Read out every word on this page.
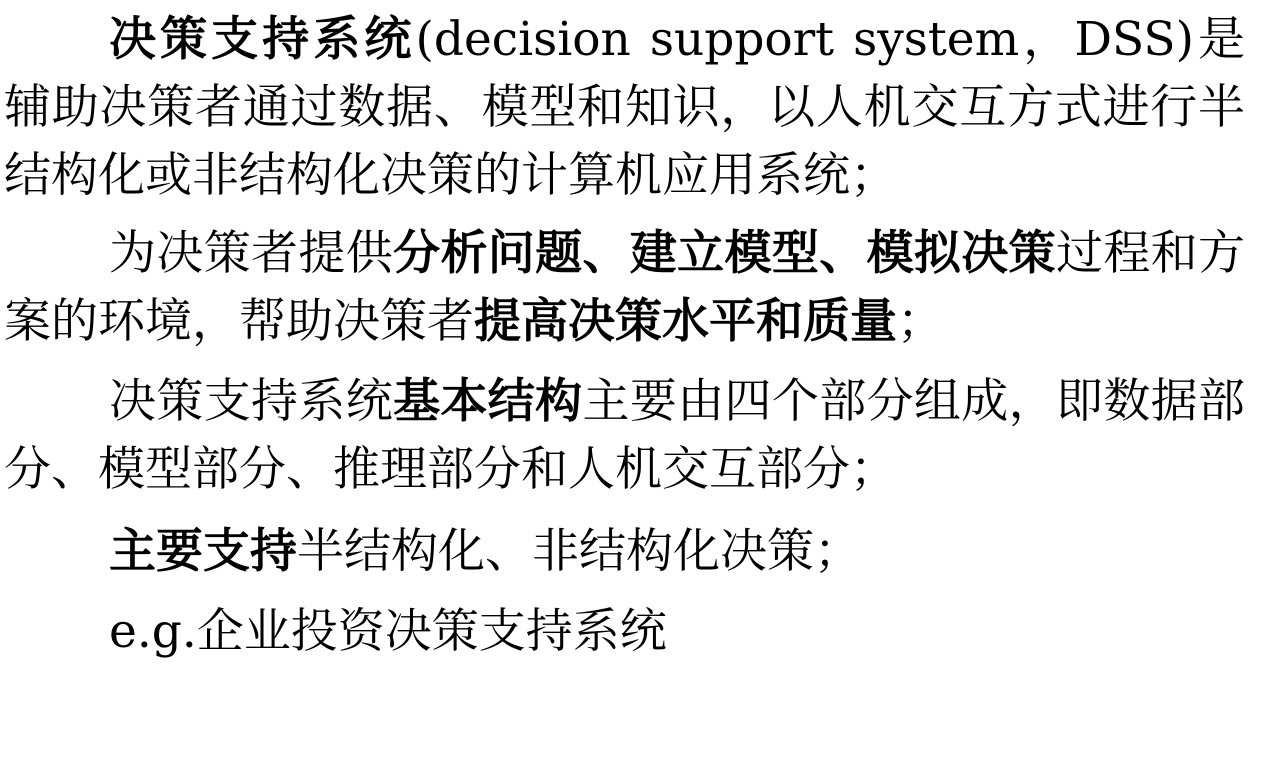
决策支持系统(decision support system，DSS)是辅助决策者通过数据、模型和知识，以人机交互方式进行半结构化或非结构化决策的计算机应用系统；

为决策者提供分析问题、建立模型、模拟决策过程和方案的环境，帮助决策者提高决策水平和质量；

决策支持系统基本结构主要由四个部分组成，即数据部分、模型部分、推理部分和人机交互部分；

主要支持半结构化、非结构化决策；

e.g.企业投资决策支持系统
